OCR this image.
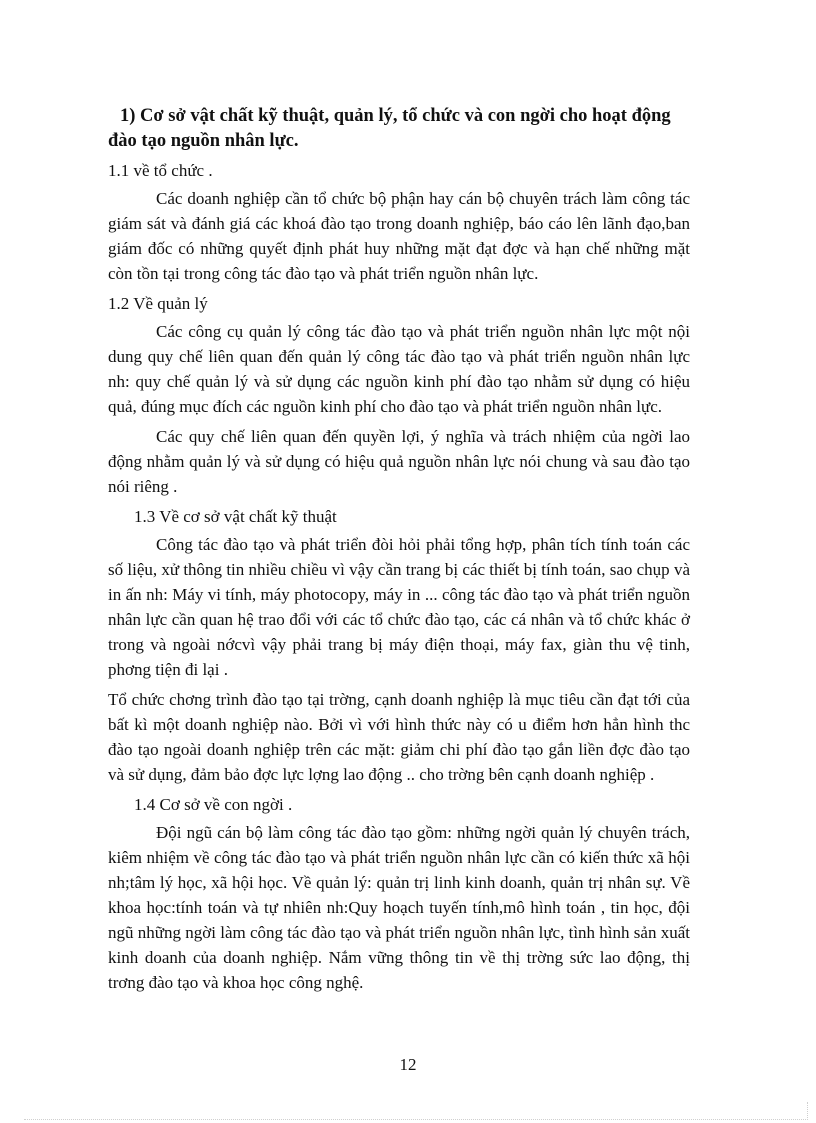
1) Cơ sở vật chất kỹ thuật, quản lý, tổ chức và con ngời cho hoạt động đào tạo nguồn nhân lực.

1.1 về tổ chức .

Các doanh nghiệp cần tổ chức bộ phận hay cán bộ chuyên trách làm công tác giám sát và đánh giá các khoá đào tạo trong doanh nghiệp, báo cáo lên lãnh đạo,ban giám đốc có những quyết định phát huy những mặt đạt đợc và hạn chế những mặt còn tồn tại trong công tác đào tạo và phát triển nguồn nhân lực.

1.2 Về quản lý

Các công cụ quản lý công tác đào tạo và phát triển nguồn nhân lực một nội dung quy chế liên quan đến quản lý công tác đào tạo và phát triển nguồn nhân lực nh: quy chế quản lý và sử dụng các nguồn kinh phí đào tạo nhằm sử dụng có hiệu quả, đúng mục đích các nguồn kinh phí cho đào tạo và phát triển nguồn nhân lực.

Các quy chế liên quan đến quyền lợi, ý nghĩa và trách nhiệm của ngời lao động nhằm quản lý và sử dụng có hiệu quả nguồn nhân lực nói chung và sau đào tạo nói riêng .

1.3 Về cơ sở vật chất kỹ thuật

Công tác đào tạo và phát triển đòi hỏi phải tổng hợp, phân tích tính toán các số liệu, xử thông tin nhiều chiều vì vậy cần trang bị các thiết bị tính toán, sao chụp và in ấn nh: Máy vi tính, máy photocopy, máy in ... công tác đào tạo và phát triển nguồn nhân lực cần quan hệ trao đổi với các tổ chức đào tạo, các cá nhân và tổ chức khác ở trong và ngoài nớcvì vậy phải trang bị máy điện thoại, máy fax, giàn thu vệ tinh, phơng tiện đi lại .

Tổ chức chơng trình đào tạo tại trờng, cạnh doanh nghiệp là mục tiêu cần đạt tới của bất kì một doanh nghiệp nào. Bởi vì với hình thức này có u điểm hơn hẳn hình thc đào tạo ngoài doanh nghiệp trên các mặt: giảm chi phí đào tạo gắn liền đợc đào tạo và sử dụng, đảm bảo đợc lực lợng lao động .. cho trờng bên cạnh doanh nghiệp .

1.4 Cơ sở về con ngời .

Đội ngũ cán bộ làm công tác đào tạo gồm: những ngời quản lý chuyên trách, kiêm nhiệm về công tác đào tạo và phát triển nguồn nhân lực cần có kiến thức xã hội nh;tâm lý học, xã hội học. Về quản lý: quản trị linh kinh doanh, quản trị nhân sự. Về khoa học:tính toán và tự nhiên nh:Quy hoạch tuyến tính,mô hình toán , tin học, đội ngũ những ngời làm công tác đào tạo và phát triển nguồn nhân lực, tình hình sản xuất kinh doanh của doanh nghiệp. Nắm vững thông tin về thị trờng sức lao động, thị trơng đào tạo và khoa học công nghệ.

12
